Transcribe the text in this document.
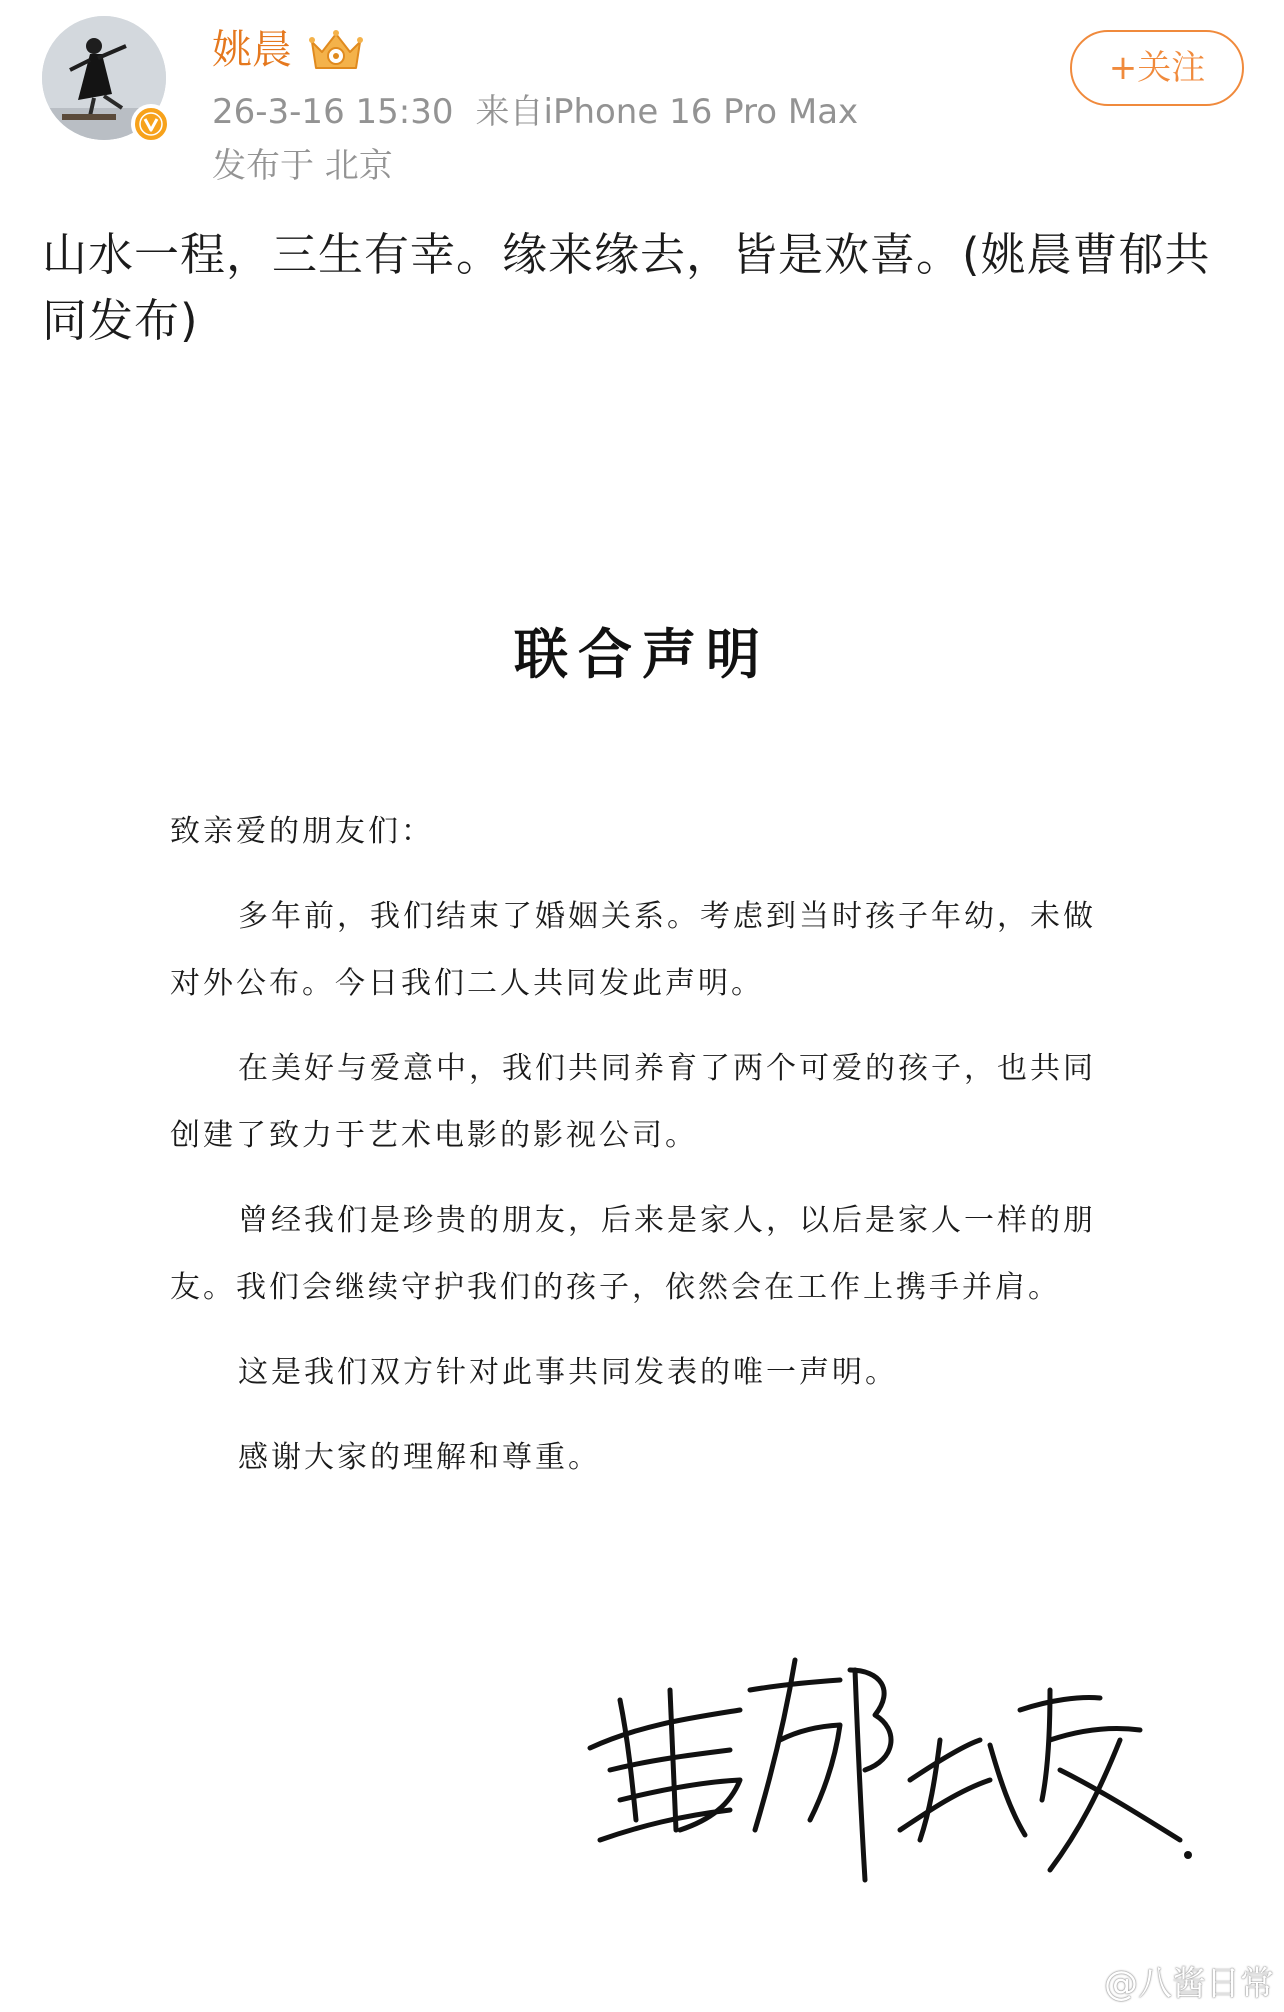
姚晨
26-3-16 15:30 来自iPhone 16 Pro Max
发布于 北京
+关注
山水一程，三生有幸。缘来缘去，皆是欢喜。(姚晨曹郁共同发布)
联合声明

致亲爱的朋友们：

多年前，我们结束了婚姻关系。考虑到当时孩子年幼，未做对外公布。今日我们二人共同发此声明。

在美好与爱意中，我们共同养育了两个可爱的孩子，也共同创建了致力于艺术电影的影视公司。

曾经我们是珍贵的朋友，后来是家人，以后是家人一样的朋友。我们会继续守护我们的孩子，依然会在工作上携手并肩。

这是我们双方针对此事共同发表的唯一声明。

感谢大家的理解和尊重。

@八酱日常
